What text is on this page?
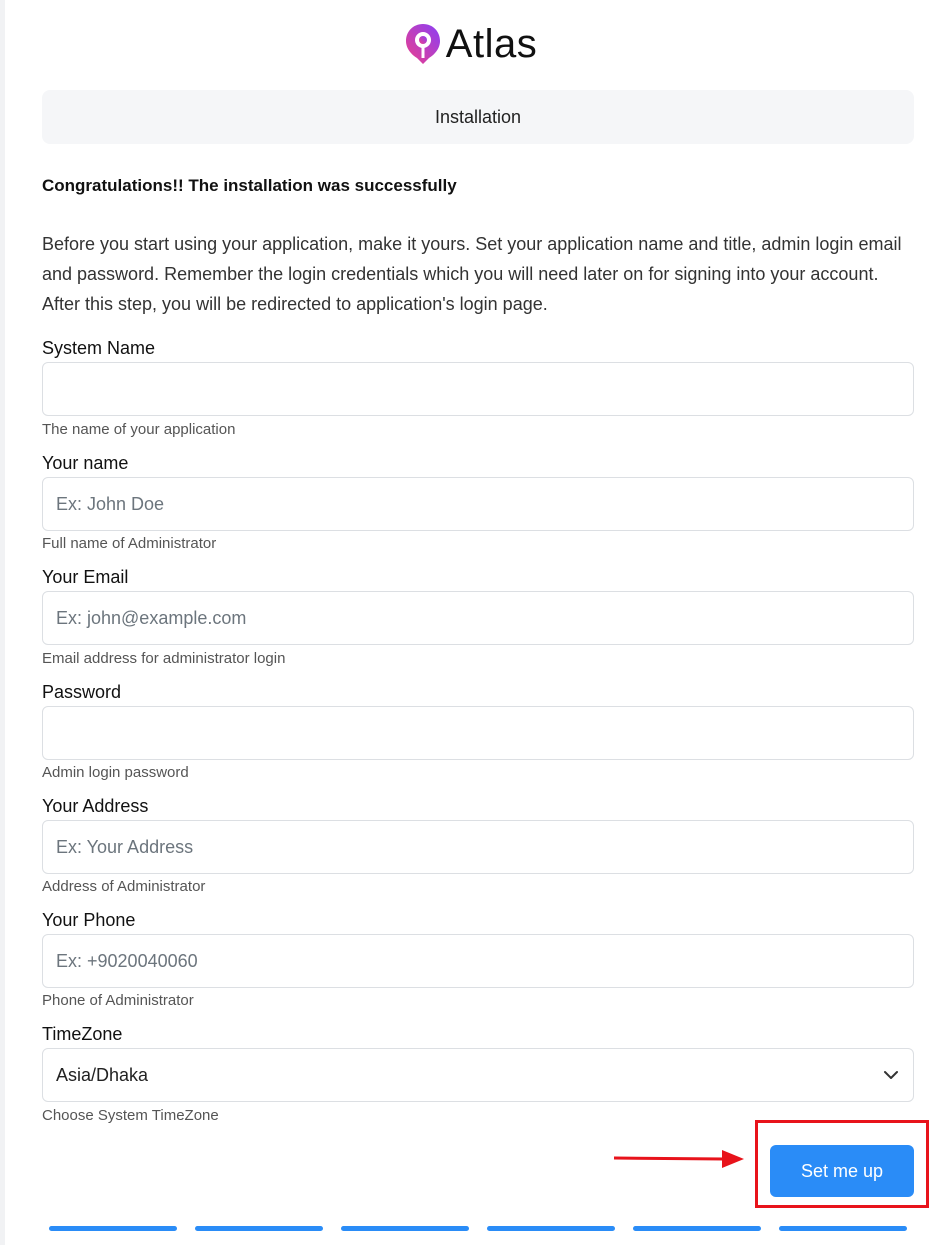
Atlas
Installation
Congratulations!! The installation was successfully

Before you start using your application, make it yours. Set your application name and title, admin login email and password. Remember the login credentials which you will need later on for signing into your account. After this step, you will be redirected to application's login page.

System Name
The name of your application
Your name
Ex: John Doe
Full name of Administrator
Your Email
Ex: john@example.com
Email address for administrator login
Password
Admin login password
Your Address
Ex: Your Address
Address of Administrator
Your Phone
Ex: +9020040060
Phone of Administrator
TimeZone
Asia/Dhaka
Choose System TimeZone
Set me up
